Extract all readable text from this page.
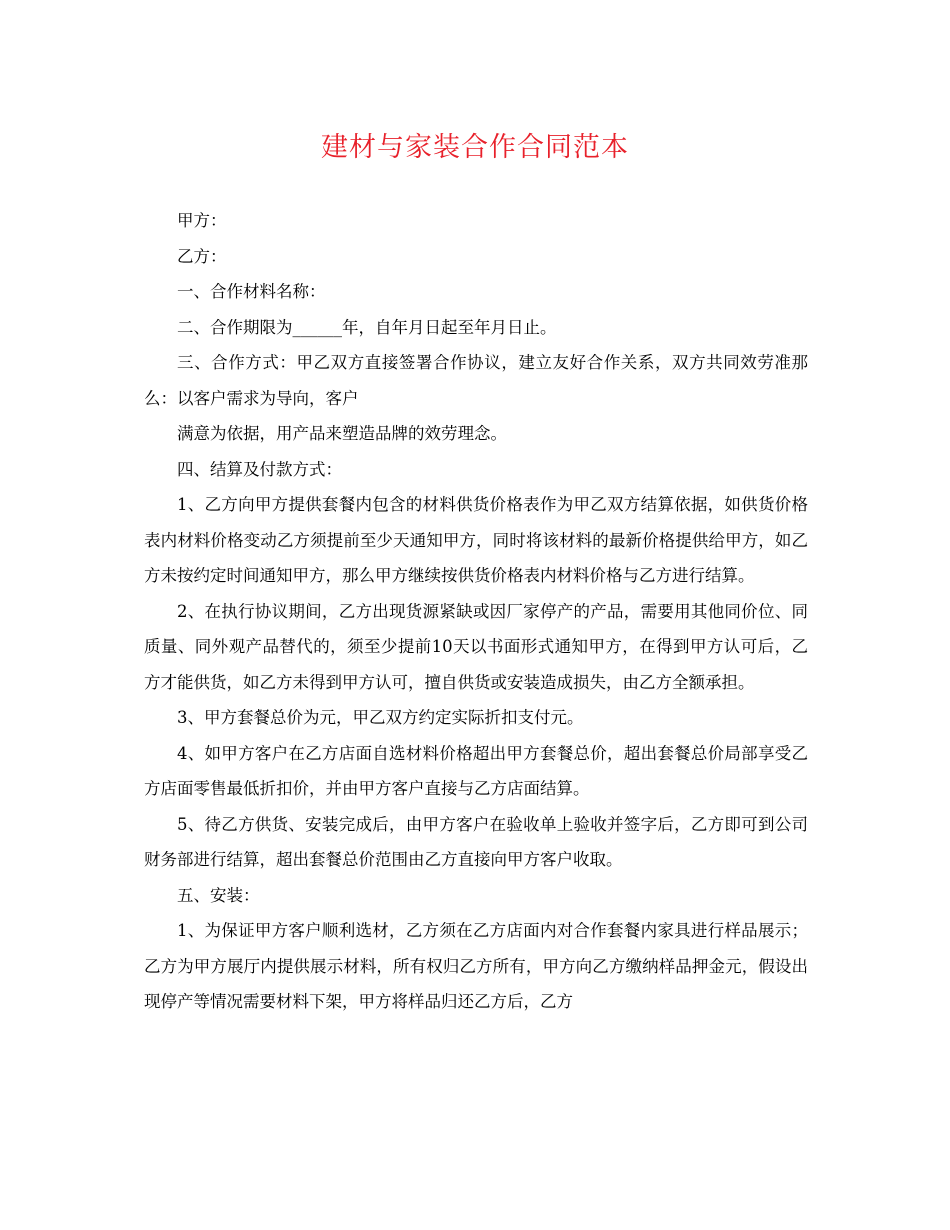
建材与家装合作合同范本

甲方：

乙方：

一、合作材料名称：

二、合作期限为______年，自年月日起至年月日止。

三、合作方式：甲乙双方直接签署合作协议，建立友好合作关系，双方共同效劳准那么：以客户需求为导向，客户

满意为依据，用产品来塑造品牌的效劳理念。

四、结算及付款方式：

1、乙方向甲方提供套餐内包含的材料供货价格表作为甲乙双方结算依据，如供货价格表内材料价格变动乙方须提前至少天通知甲方，同时将该材料的最新价格提供给甲方，如乙方未按约定时间通知甲方，那么甲方继续按供货价格表内材料价格与乙方进行结算。

2、在执行协议期间，乙方出现货源紧缺或因厂家停产的产品，需要用其他同价位、同质量、同外观产品替代的，须至少提前10天以书面形式通知甲方，在得到甲方认可后，乙方才能供货，如乙方未得到甲方认可，擅自供货或安装造成损失，由乙方全额承担。

3、甲方套餐总价为元，甲乙双方约定实际折扣支付元。

4、如甲方客户在乙方店面自选材料价格超出甲方套餐总价，超出套餐总价局部享受乙方店面零售最低折扣价，并由甲方客户直接与乙方店面结算。

5、待乙方供货、安装完成后，由甲方客户在验收单上验收并签字后，乙方即可到公司财务部进行结算，超出套餐总价范围由乙方直接向甲方客户收取。

五、安装：

1、为保证甲方客户顺利选材，乙方须在乙方店面内对合作套餐内家具进行样品展示；乙方为甲方展厅内提供展示材料，所有权归乙方所有，甲方向乙方缴纳样品押金元，假设出现停产等情况需要材料下架，甲方将样品归还乙方后，乙方
